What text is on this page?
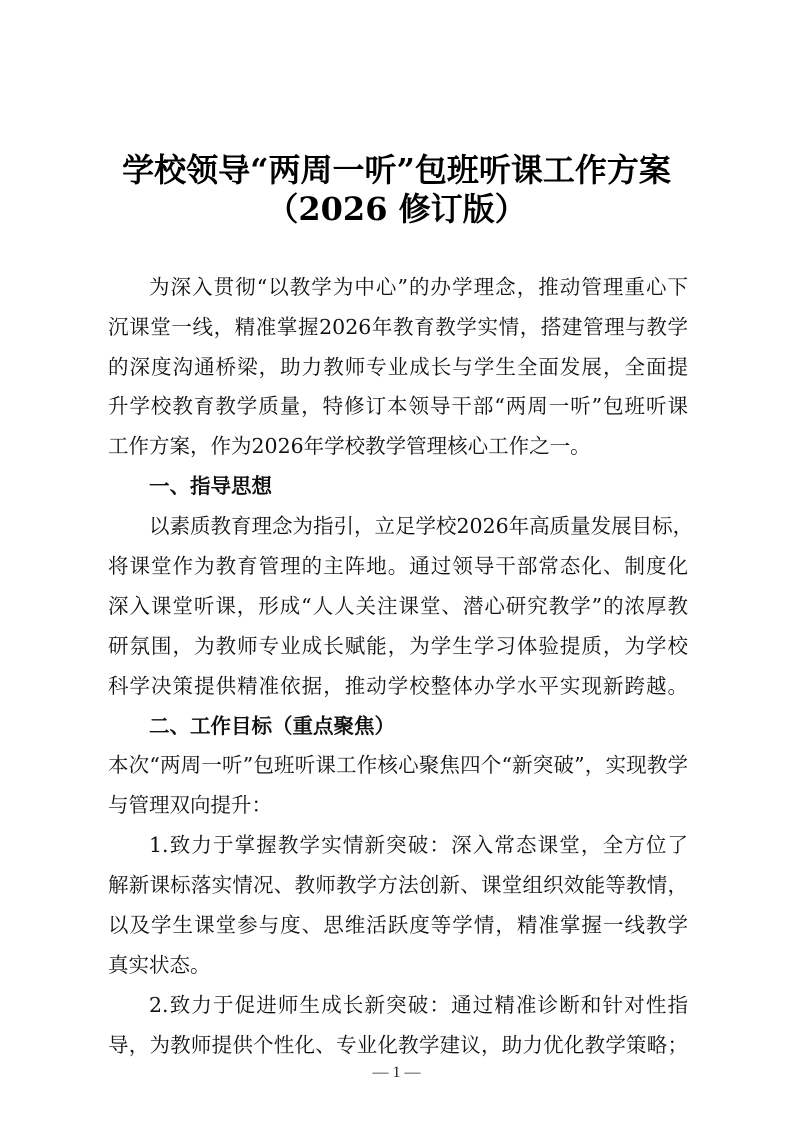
学校领导“两周一听”包班听课工作方案
（2026 修订版）
为深入贯彻“以教学为中心”的办学理念，推动管理重心下
沉课堂一线，精准掌握2026年教育教学实情，搭建管理与教学
的深度沟通桥梁，助力教师专业成长与学生全面发展，全面提
升学校教育教学质量，特修订本领导干部“两周一听”包班听课
工作方案，作为2026年学校教学管理核心工作之一。
一、指导思想
以素质教育理念为指引，立足学校2026年高质量发展目标，
将课堂作为教育管理的主阵地。通过领导干部常态化、制度化
深入课堂听课，形成“人人关注课堂、潜心研究教学”的浓厚教
研氛围，为教师专业成长赋能，为学生学习体验提质，为学校
科学决策提供精准依据，推动学校整体办学水平实现新跨越。
二、工作目标（重点聚焦）
本次“两周一听”包班听课工作核心聚焦四个“新突破”，实现教学
与管理双向提升：
1.致力于掌握教学实情新突破：深入常态课堂，全方位了
解新课标落实情况、教师教学方法创新、课堂组织效能等教情，
以及学生课堂参与度、思维活跃度等学情，精准掌握一线教学
真实状态。
2.致力于促进师生成长新突破：通过精准诊断和针对性指
导，为教师提供个性化、专业化教学建议，助力优化教学策略；
— 1 —
